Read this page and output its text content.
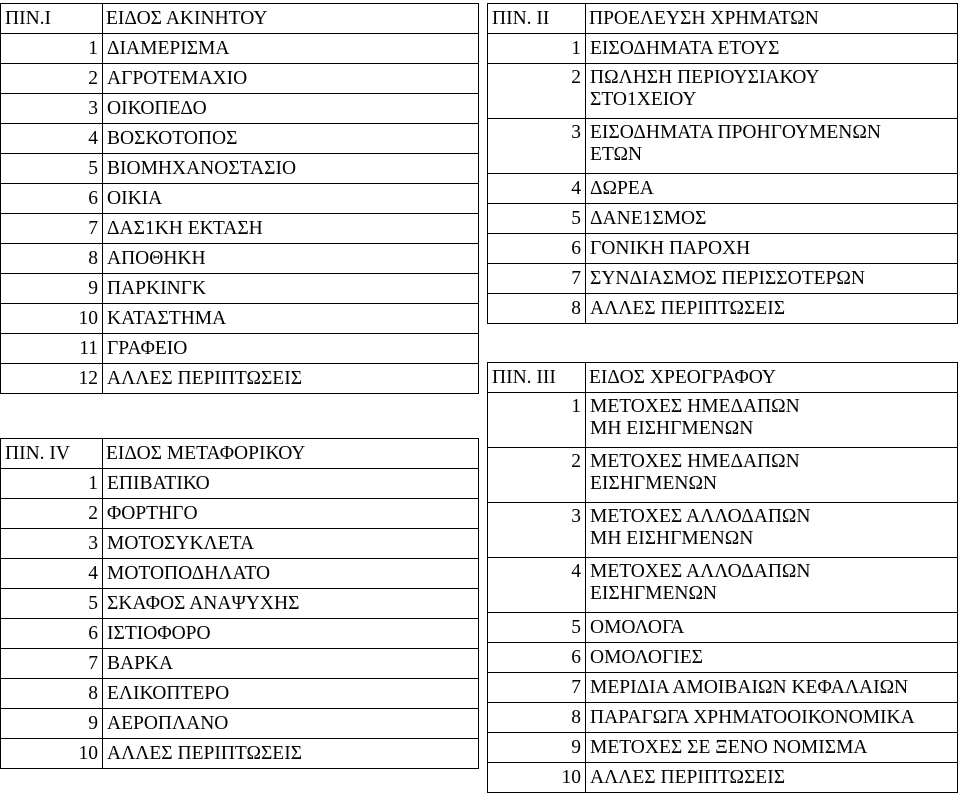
ΠΙΝ.Ι	ΕΙΔΟΣ ΑΚΙΝΗΤΟΥ

1	ΔΙΑΜΕΡΙΣΜΑ

2	ΑΓΡΟΤΕΜΑΧΙΟ

3	ΟΙΚΟΠΕΔΟ

4	ΒΟΣΚΟΤΟΠΟΣ

5	ΒΙΟΜΗΧΑΝΟΣΤΑΣΙΟ

6	ΟΙΚΙΑ

7	ΔΑΣ1ΚΗ ΕΚΤΑΣΗ

8	ΑΠΟΘΗΚΗ

9	ΠΑΡΚΙΝΓΚ

10	ΚΑΤΑΣΤΗΜΑ

11	ΓΡΑΦΕΙΟ

12	ΑΛΛΕΣ ΠΕΡΙΠΤΩΣΕΙΣ

ΠΙΝ. IV	ΕΙΔΟΣ ΜΕΤΑΦΟΡΙΚΟΥ

1	ΕΠΙΒΑΤΙΚΟ

2	ΦΟΡΤΗΓΟ

3	ΜΟΤΟΣΥΚΛΕΤΑ

4	ΜΟΤΟΠΟΔΗΛΑΤΟ

5	ΣΚΑΦΟΣ ΑΝΑΨΥΧΗΣ

6	ΙΣΤΙΟΦΟΡΟ

7	ΒΑΡΚΑ

8	ΕΛΙΚΟΠΤΕΡΟ

9	ΑΕΡΟΠΛΑΝΟ

10	ΑΛΛΕΣ ΠΕΡΙΠΤΩΣΕΙΣ
ΠΙΝ. ΙΙ	ΠΡΟΕΛΕΥΣΗ ΧΡΗΜΑΤΩΝ

1	ΕΙΣΟΔΗΜΑΤΑ ΕΤΟΥΣ

2	ΠΩΛΗΣΗ ΠΕΡΙΟΥΣΙΑΚΟΥ
ΣΤΟ1ΧΕΙΟΥ

3	ΕΙΣΟΔΗΜΑΤΑ ΠΡΟΗΓΟΥΜΕΝΩΝ
ΕΤΩΝ

4	ΔΩΡΕΑ

5	ΔΑΝΕ1ΣΜΟΣ

6	ΓΟΝΙΚΗ ΠΑΡΟΧΗ

7	ΣΥΝΔΙΑΣΜΟΣ ΠΕΡΙΣΣΟΤΕΡΩΝ

8	ΑΛΛΕΣ ΠΕΡΙΠΤΩΣΕΙΣ

ΠΙΝ. ΙΙΙ	ΕΙΔΟΣ ΧΡΕΟΓΡΑΦΟΥ

1	ΜΕΤΟΧΕΣ ΗΜΕΔΑΠΩΝ
ΜΗ ΕΙΣΗΓΜΕΝΩΝ

2	ΜΕΤΟΧΕΣ ΗΜΕΔΑΠΩΝ
ΕΙΣΗΓΜΕΝΩΝ

3	ΜΕΤΟΧΕΣ ΑΛΛΟΔΑΠΩΝ
ΜΗ ΕΙΣΗΓΜΕΝΩΝ

4	ΜΕΤΟΧΕΣ ΑΛΛΟΔΑΠΩΝ
ΕΙΣΗΓΜΕΝΩΝ

5	ΟΜΟΛΟΓΑ

6	ΟΜΟΛΟΓΙΕΣ

7	ΜΕΡΙΔΙΑ ΑΜΟΙΒΑΙΩΝ ΚΕΦΑΛΑΙΩΝ

8	ΠΑΡΑΓΩΓΑ ΧΡΗΜΑΤΟΟΙΚΟΝΟΜΙΚΑ

9	ΜΕΤΟΧΕΣ ΣΕ ΞΕΝΟ ΝΟΜΙΣΜΑ

10	ΑΛΛΕΣ ΠΕΡΙΠΤΩΣΕΙΣ
